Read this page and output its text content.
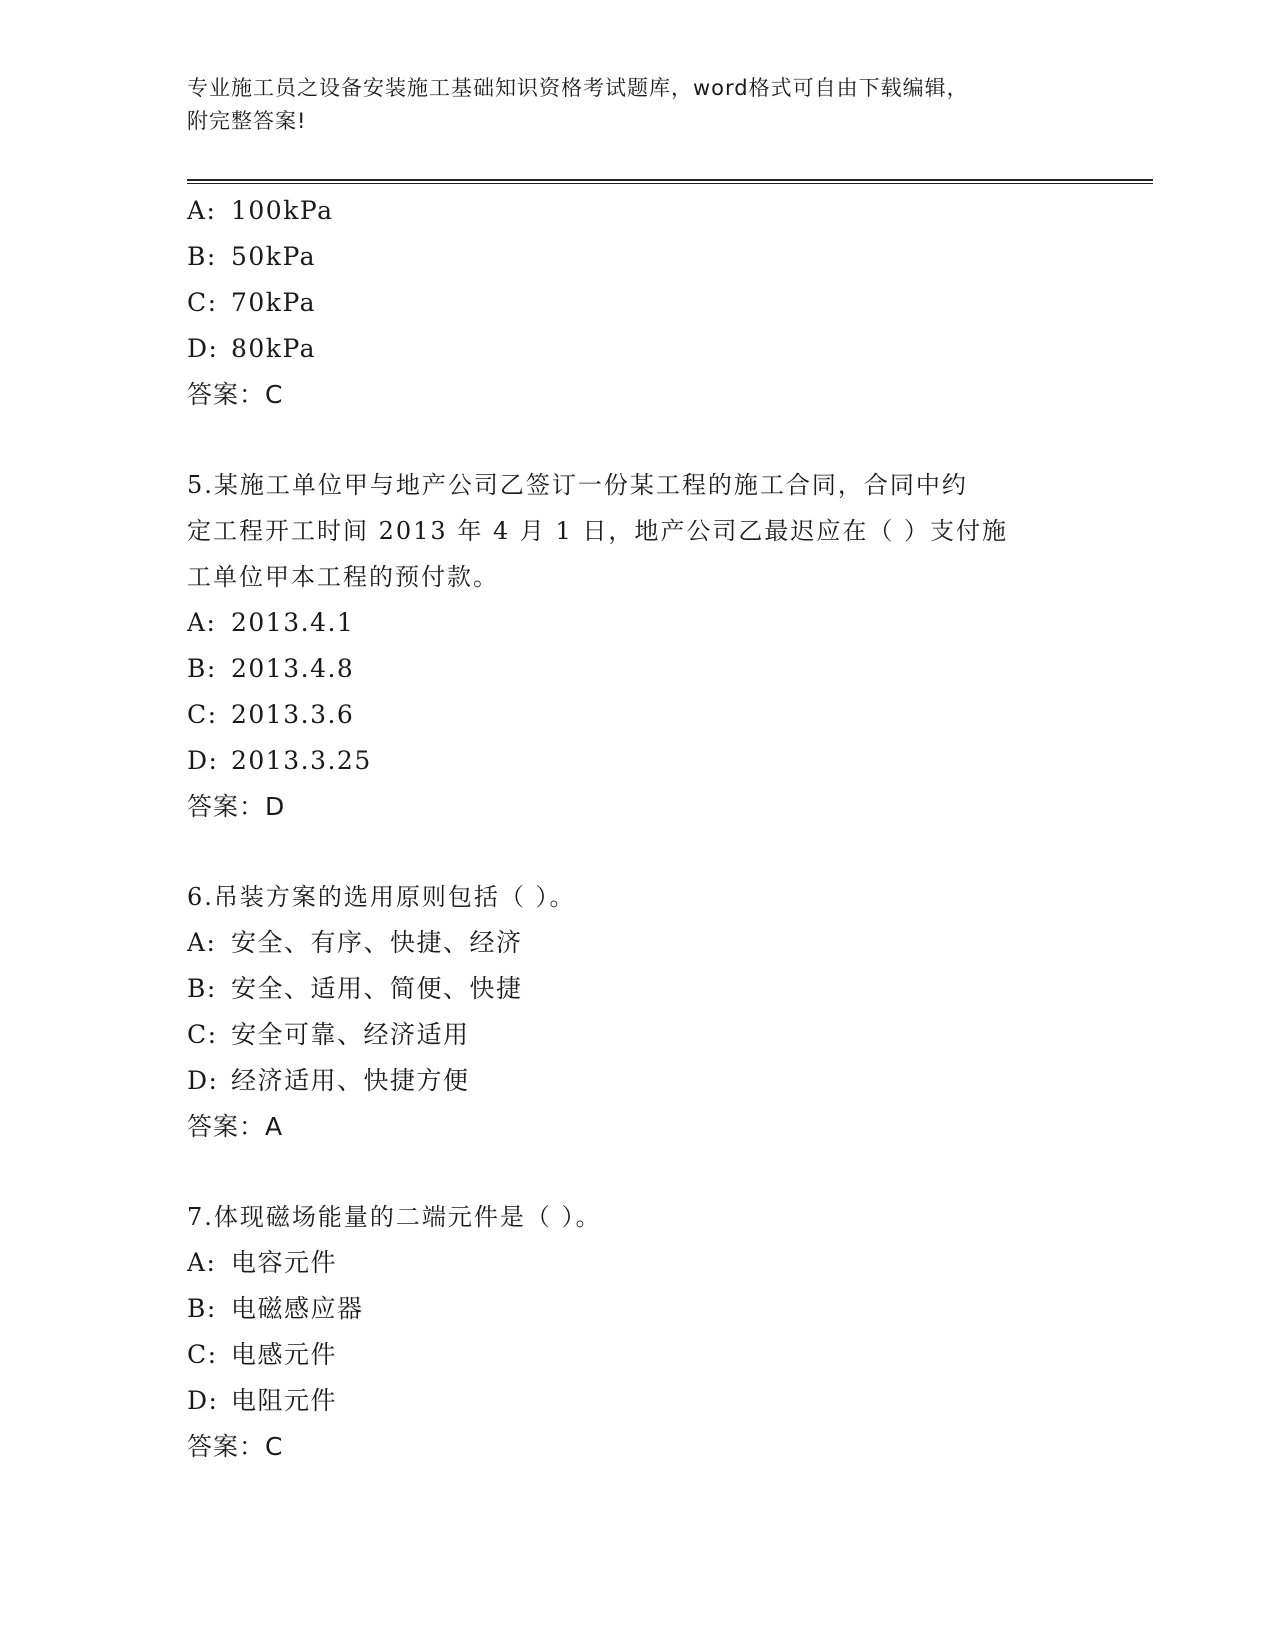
专业施工员之设备安装施工基础知识资格考试题库，word格式可自由下载编辑，
附完整答案!
A: 100kPa
B: 50kPa
C: 70kPa
D: 80kPa
答案：C
5.某施工单位甲与地产公司乙签订一份某工程的施工合同，合同中约
定工程开工时间 2013 年 4 月 1 日，地产公司乙最迟应在（ ）支付施
工单位甲本工程的预付款。
A: 2013.4.1
B: 2013.4.8
C: 2013.3.6
D: 2013.3.25
答案：D
6.吊装方案的选用原则包括（ ）。
A: 安全、有序、快捷、经济
B: 安全、适用、简便、快捷
C: 安全可靠、经济适用
D: 经济适用、快捷方便
答案：A
7.体现磁场能量的二端元件是（ ）。
A: 电容元件
B: 电磁感应器
C: 电感元件
D: 电阻元件
答案：C
